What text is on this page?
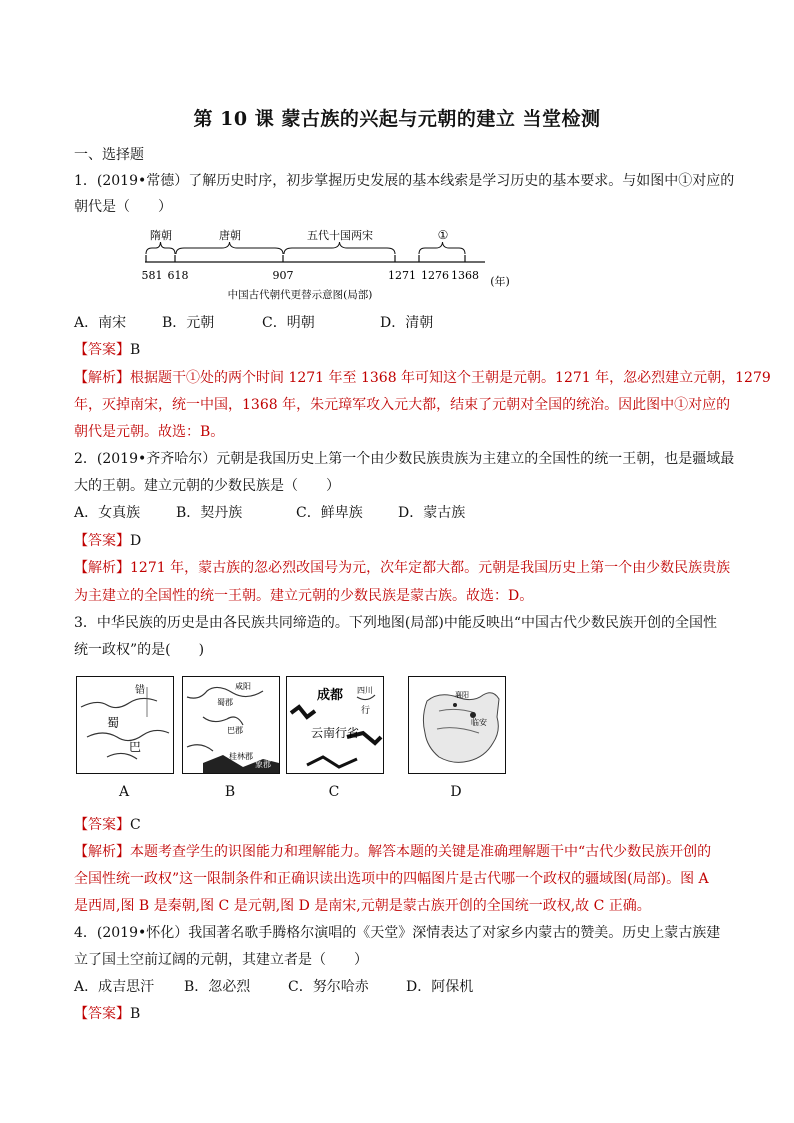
第 10 课 蒙古族的兴起与元朝的建立 当堂检测
一、选择题
1．(2019•常德）了解历史时序，初步掌握历史发展的基本线索是学习历史的基本要求。与如图中①对应的
朝代是（　　）
隋朝	唐朝	五代十国两宋	①
581 618	907	1271 1276 1368 (年)
中国古代朝代更替示意图(局部)
A．南宋	B．元朝	C．明朝	D．清朝
【答案】B
【解析】根据题干①处的两个时间 1271 年至 1368 年可知这个王朝是元朝。1271 年，忽必烈建立元朝，1279
年，灭掉南宋，统一中国，1368 年，朱元璋军攻入元大都，结束了元朝对全国的统治。因此图中①对应的
朝代是元朝。故选：B。
2．(2019•齐齐哈尔）元朝是我国历史上第一个由少数民族贵族为主建立的全国性的统一王朝，也是疆域最
大的王朝。建立元朝的少数民族是（　　）
A．女真族	B．契丹族	C．鲜卑族	D．蒙古族
【答案】D
【解析】1271 年，蒙古族的忽必烈改国号为元，次年定都大都。元朝是我国历史上第一个由少数民族贵族
为主建立的全国性的统一王朝。建立元朝的少数民族是蒙古族。故选：D。
3．中华民族的历史是由各民族共同缔造的。下列地图(局部)中能反映出“中国古代少数民族开创的全国性
统一政权”的是(　　)
错
蜀
巴
A
咸阳
蜀郡
巴郡
桂林郡
象郡
B
成都 四川
行
云南行省
C
襄阳
临安
D
【答案】C
【解析】本题考查学生的识图能力和理解能力。解答本题的关键是准确理解题干中“古代少数民族开创的
全国性统一政权”这一限制条件和正确识读出选项中的四幅图片是古代哪一个政权的疆域图(局部)。图 A
是西周,图 B 是秦朝,图 C 是元朝,图 D 是南宋,元朝是蒙古族开创的全国统一政权,故 C 正确。
4．(2019•怀化）我国著名歌手腾格尔演唱的《天堂》深情表达了对家乡内蒙古的赞美。历史上蒙古族建
立了国土空前辽阔的元朝，其建立者是（　　）
A．成吉思汗 B．忽必烈	C．努尔哈赤	D．阿保机
【答案】B
